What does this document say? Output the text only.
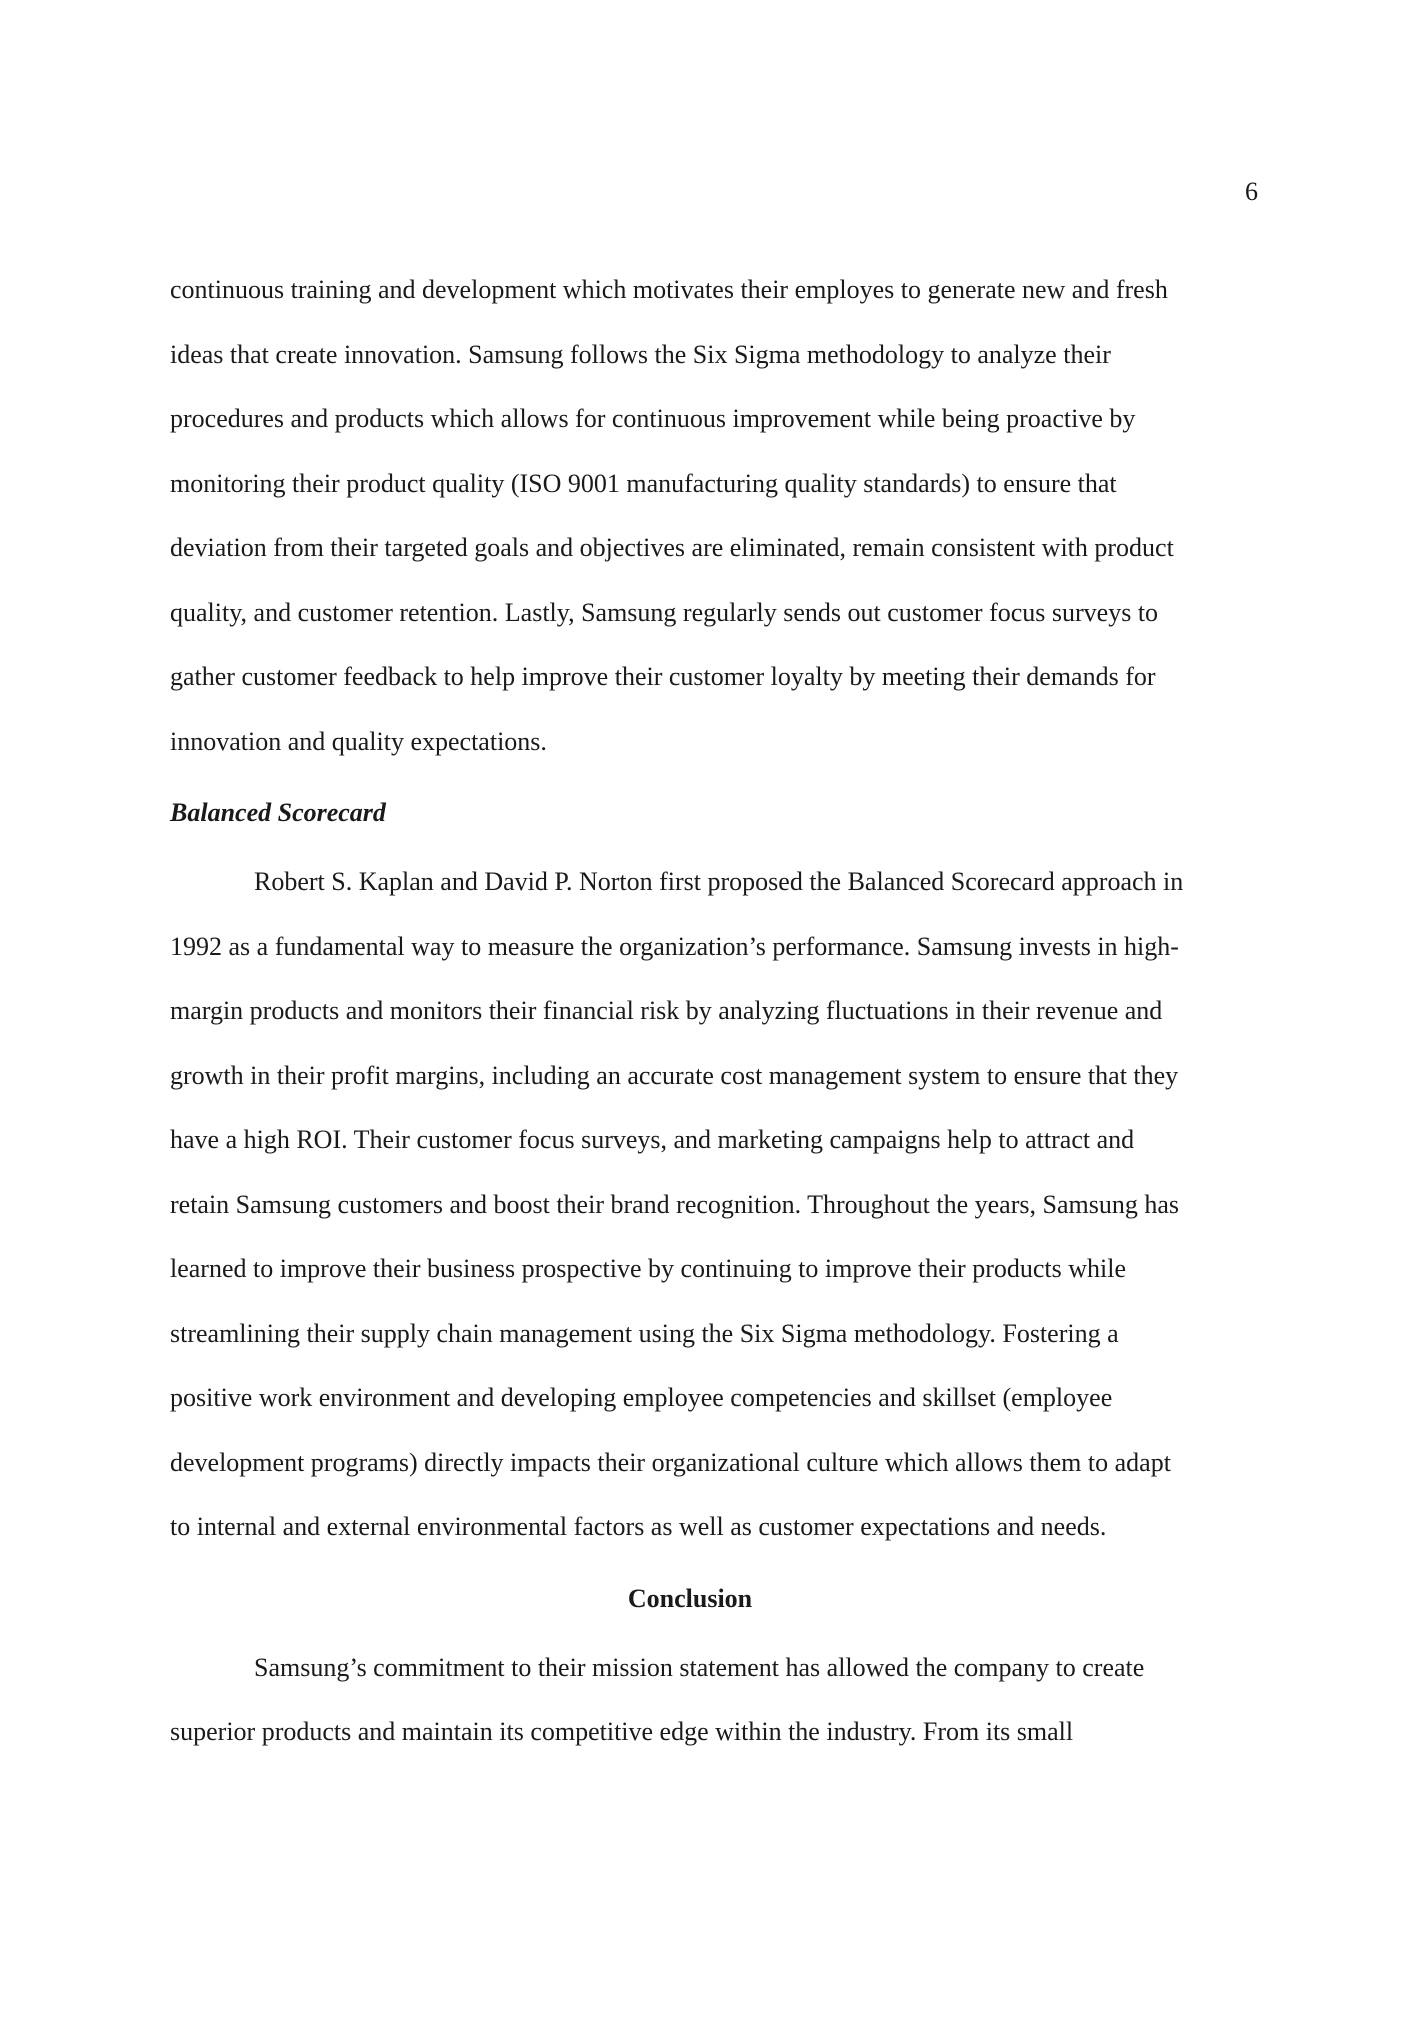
6

continuous training and development which motivates their employes to generate new and fresh
ideas that create innovation. Samsung follows the Six Sigma methodology to analyze their
procedures and products which allows for continuous improvement while being proactive by
monitoring their product quality (ISO 9001 manufacturing quality standards) to ensure that
deviation from their targeted goals and objectives are eliminated, remain consistent with product
quality, and customer retention. Lastly, Samsung regularly sends out customer focus surveys to
gather customer feedback to help improve their customer loyalty by meeting their demands for
innovation and quality expectations.

Balanced Scorecard

Robert S. Kaplan and David P. Norton first proposed the Balanced Scorecard approach in
1992 as a fundamental way to measure the organization’s performance. Samsung invests in high-
margin products and monitors their financial risk by analyzing fluctuations in their revenue and
growth in their profit margins, including an accurate cost management system to ensure that they
have a high ROI. Their customer focus surveys, and marketing campaigns help to attract and
retain Samsung customers and boost their brand recognition. Throughout the years, Samsung has
learned to improve their business prospective by continuing to improve their products while
streamlining their supply chain management using the Six Sigma methodology. Fostering a
positive work environment and developing employee competencies and skillset (employee
development programs) directly impacts their organizational culture which allows them to adapt
to internal and external environmental factors as well as customer expectations and needs.

Conclusion

Samsung’s commitment to their mission statement has allowed the company to create
superior products and maintain its competitive edge within the industry. From its small
